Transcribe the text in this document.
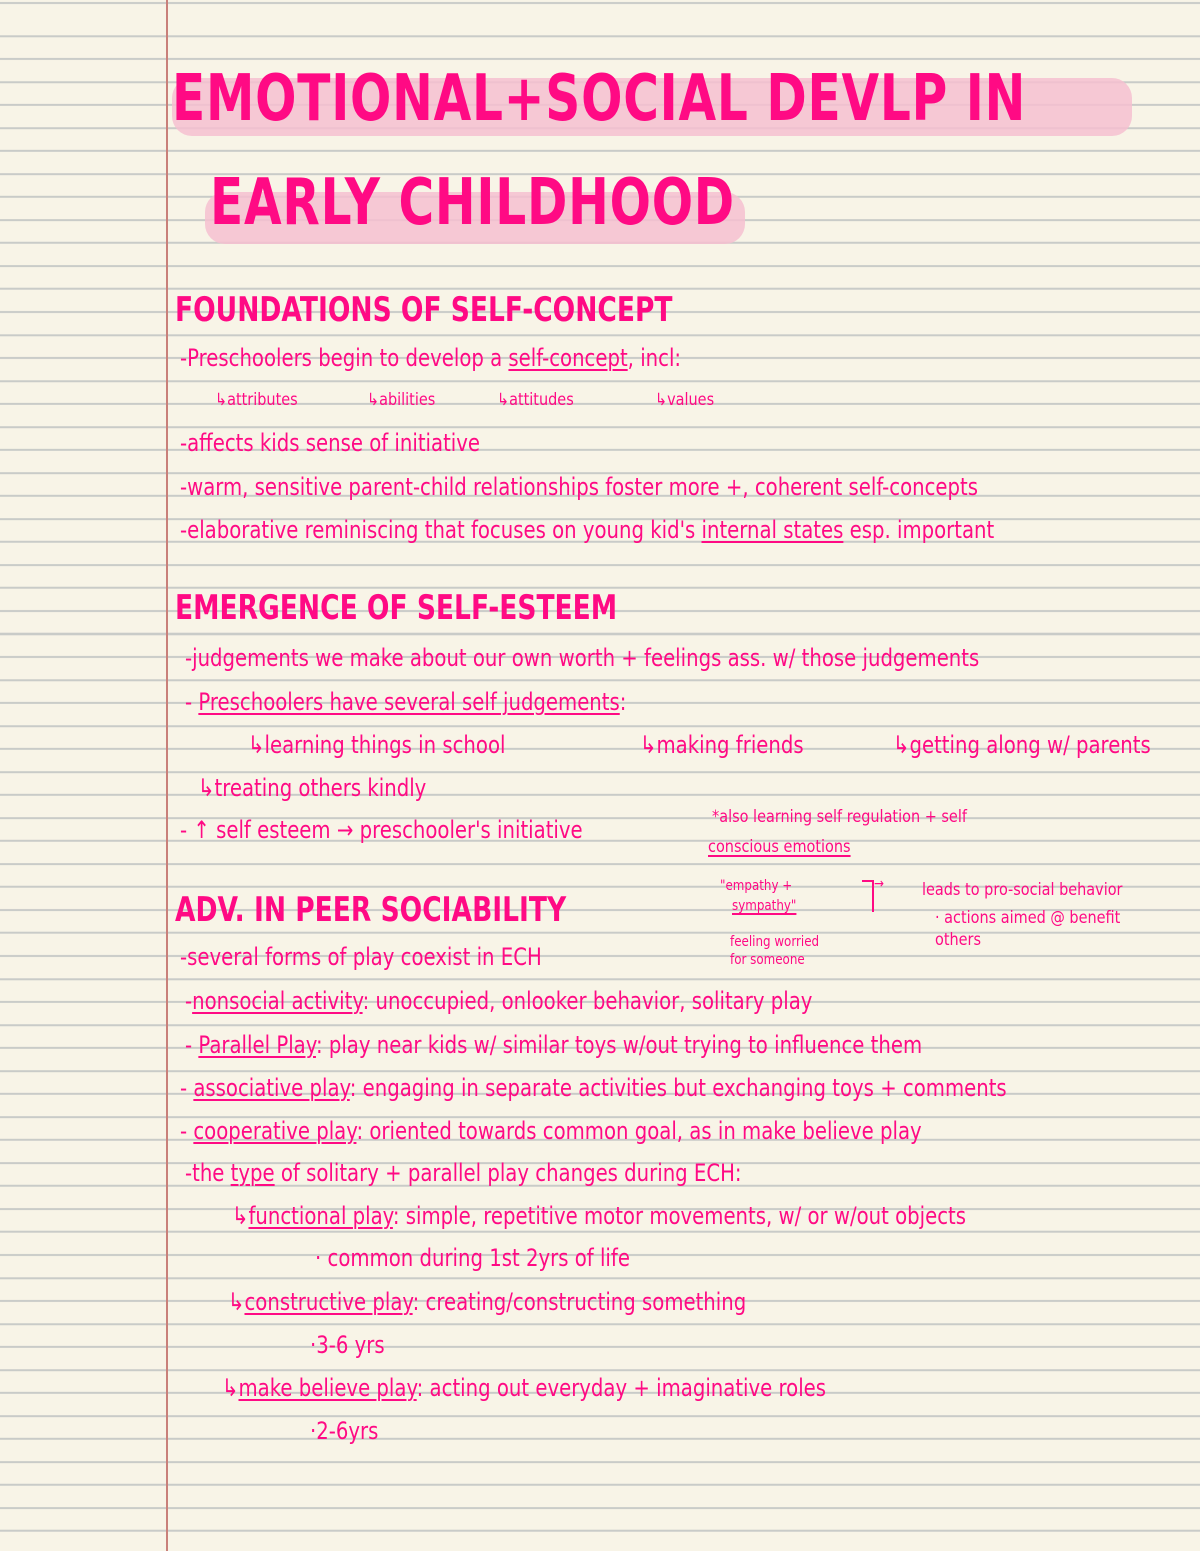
EMOTIONAL+SOCIAL DEVLP IN
EARLY CHILDHOOD
FOUNDATIONS OF SELF-CONCEPT
-Preschoolers begin to develop a self-concept, incl:
↳attributes	↳abilities	↳attitudes	↳values
-affects kids sense of initiative
-warm, sensitive parent-child relationships foster more +, coherent self-concepts
-elaborative reminiscing that focuses on young kid's internal states esp. important
EMERGENCE OF SELF-ESTEEM
-judgements we make about our own worth + feelings ass. w/ those judgements
- Preschoolers have several self judgements:
↳learning things in school	↳making friends	↳getting along w/ parents
↳treating others kindly
- ↑ self esteem → preschooler's initiative	*also learning self regulation + self
conscious emotions
ADV. IN PEER SOCIABILITY
"empathy +
sympathy"
→
feeling worried
for someone
leads to pro-social behavior
· actions aimed @ benefit
others
-several forms of play coexist in ECH
-nonsocial activity: unoccupied, onlooker behavior, solitary play
- Parallel Play: play near kids w/ similar toys w/out trying to influence them
- associative play: engaging in separate activities but exchanging toys + comments
- cooperative play: oriented towards common goal, as in make believe play
-the type of solitary + parallel play changes during ECH:
↳functional play: simple, repetitive motor movements, w/ or w/out objects
· common during 1st 2yrs of life
↳constructive play: creating/constructing something
·3-6 yrs
↳make believe play: acting out everyday + imaginative roles
·2-6yrs
